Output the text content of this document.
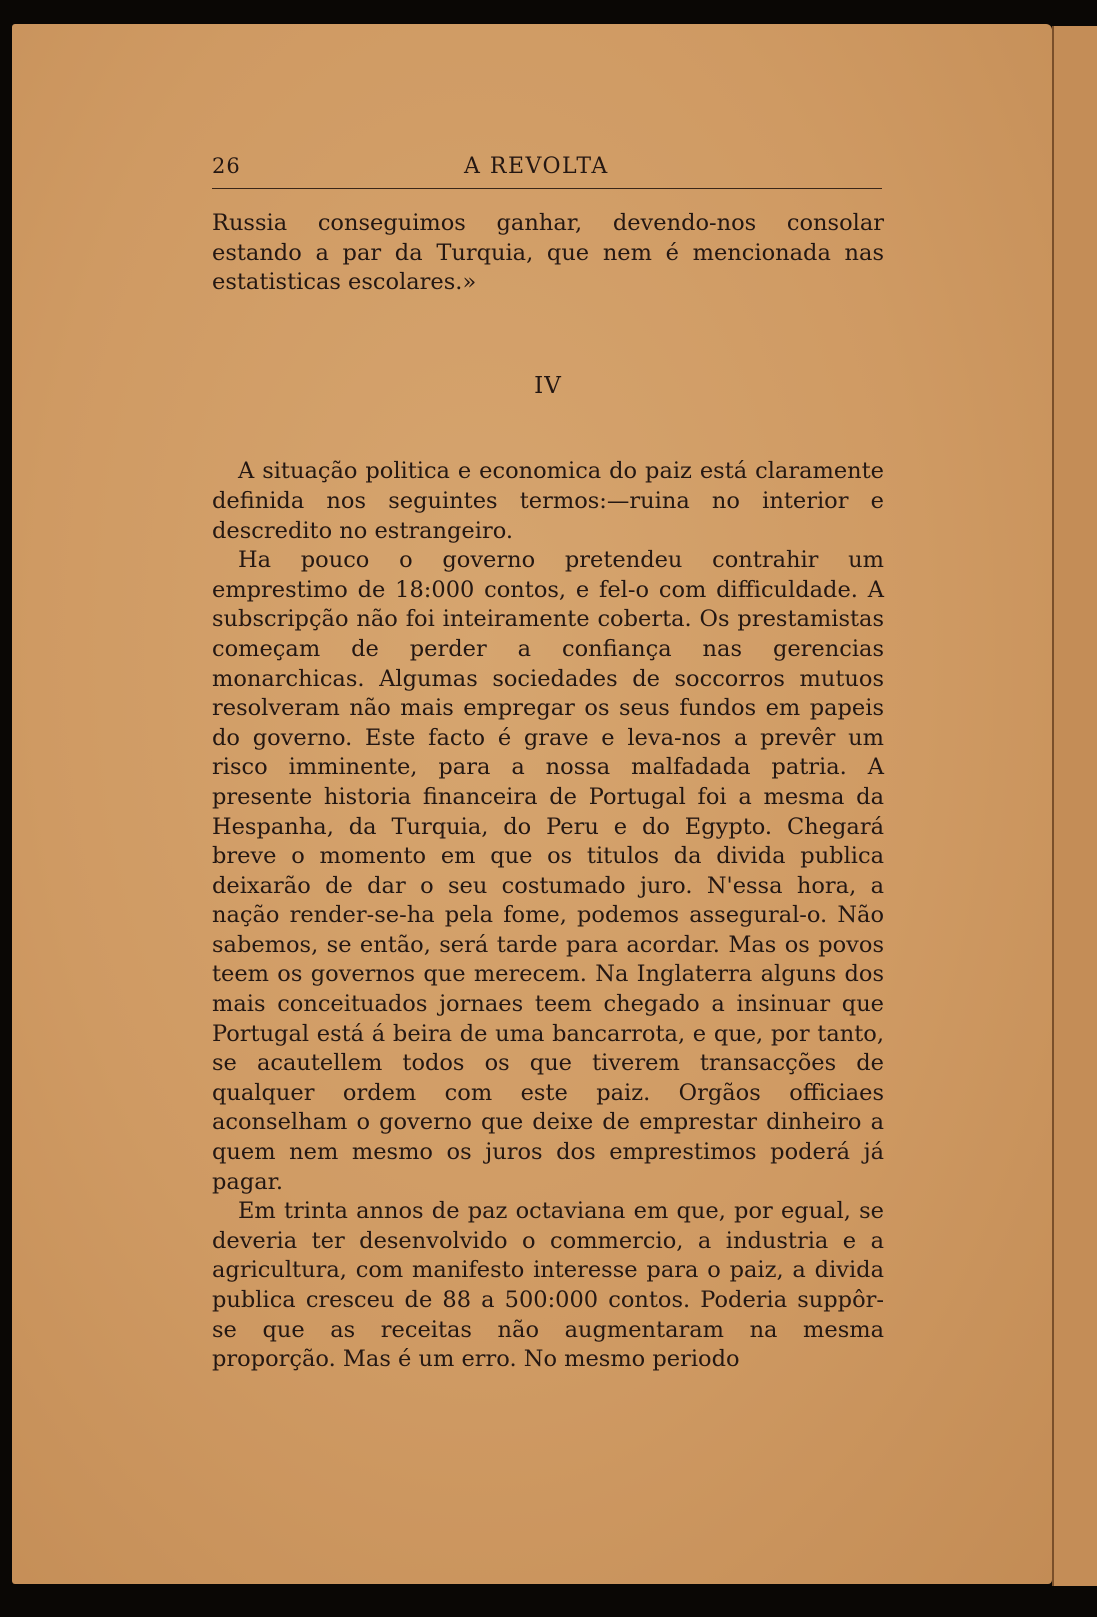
26	A REVOLTA

Russia conseguimos ganhar, devendo-nos consolar estando a par da Turquia, que nem é mencionada nas estatisticas escolares.»

IV

A situação politica e economica do paiz está claramente definida nos seguintes termos:—ruina no interior e descredito no estrangeiro.

Ha pouco o governo pretendeu contrahir um emprestimo de 18:000 contos, e fel-o com difficuldade. A subscripção não foi inteiramente coberta. Os prestamistas começam de perder a confiança nas gerencias monarchicas. Algumas sociedades de soccorros mutuos resolveram não mais empregar os seus fundos em papeis do governo. Este facto é grave e leva-nos a prevêr um risco imminente, para a nossa malfadada patria. A presente historia financeira de Portugal foi a mesma da Hespanha, da Turquia, do Peru e do Egypto. Chegará breve o momento em que os titulos da divida publica deixarão de dar o seu costumado juro. N'essa hora, a nação render-se-ha pela fome, podemos assegural-o. Não sabemos, se então, será tarde para acordar. Mas os povos teem os governos que merecem. Na Inglaterra alguns dos mais conceituados jornaes teem chegado a insinuar que Portugal está á beira de uma bancarrota, e que, por tanto, se acautellem todos os que tiverem transacções de qualquer ordem com este paiz. Orgãos officiaes aconselham o governo que deixe de emprestar dinheiro a quem nem mesmo os juros dos emprestimos poderá já pagar.

Em trinta annos de paz octaviana em que, por egual, se deveria ter desenvolvido o commercio, a industria e a agricultura, com manifesto interesse para o paiz, a divida publica cresceu de 88 a 500:000 contos. Poderia suppôr-se que as receitas não augmentaram na mesma proporção. Mas é um erro. No mesmo periodo
